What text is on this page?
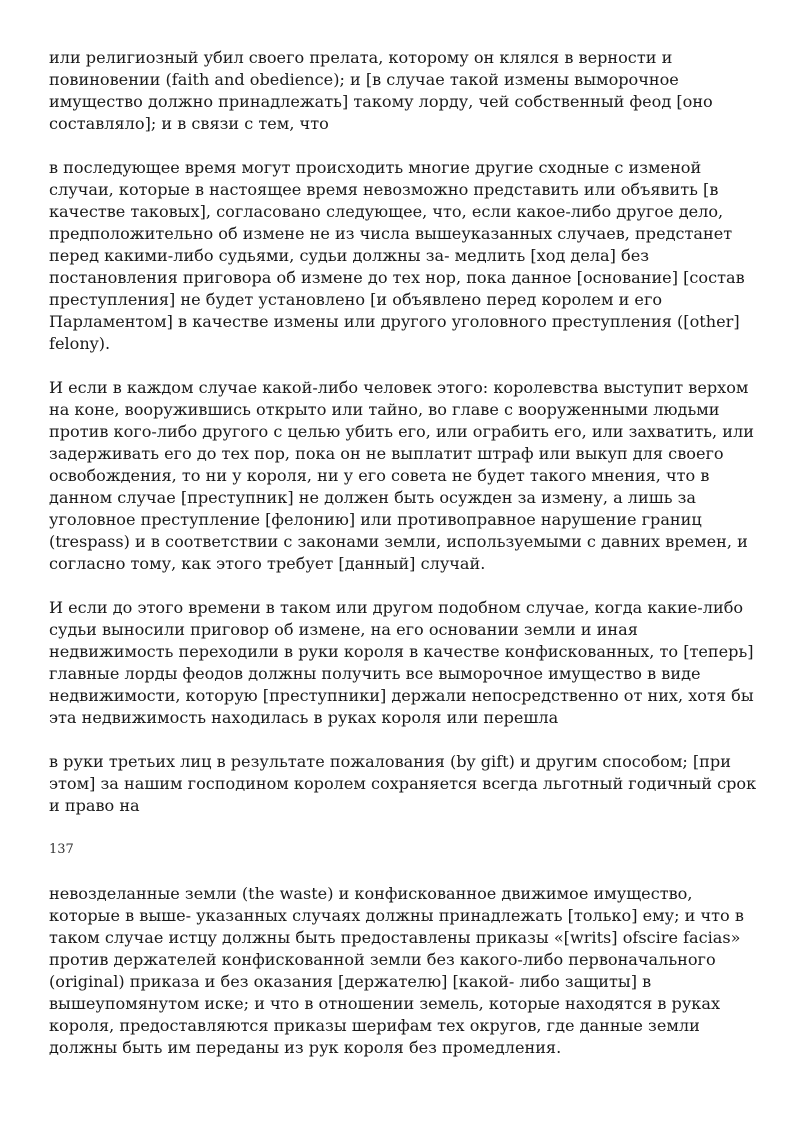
или религиозный убил своего прелата, которому он клялся в верности и повиновении (faith and obedience); и [в случае такой измены выморочное имущество должно принадлежать] такому лорду, чей собственный феод [оно составляло]; и в связи с тем, что

в последующее время могут происходить многие другие сходные с изменой случаи, которые в настоящее время невозможно представить или объявить [в качестве таковых], согласовано следующее, что, если какое-либо другое дело, предположительно об измене не из числа вышеуказанных случаев, предстанет перед какими-либо судьями, судьи должны за- медлить [ход дела] без постановления приговора об измене до тех нор, пока данное [основание] [состав преступления] не будет установлено [и объявлено перед королем и его Парламентом] в качестве измены или другого уголовного преступления ([other] felony).

И если в каждом случае какой-либо человек этого: королевства выступит верхом на коне, вооружившись открыто или тайно, во главе с вооруженными людьми против кого-либо другого с целью убить его, или ограбить его, или захватить, или задерживать его до тех пор, пока он не выплатит штраф или выкуп для своего освобождения, то ни у короля, ни у его совета не будет такого мнения, что в данном случае [преступник] не должен быть осужден за измену, а лишь за уголовное преступление [фелонию] или противоправное нарушение границ (trespass) и в соответствии с законами земли, используемыми с давних времен, и согласно тому, как этого требует [данный] случай.

И если до этого времени в таком или другом подобном случае, когда какие-либо судьи выносили приговор об измене, на его основании земли и иная недвижимость переходили в руки короля в качестве конфискованных, то [теперь] главные лорды феодов должны получить все выморочное имущество в виде недвижимости, которую [преступники] держали непосредственно от них, хотя бы эта недвижимость находилась в руках короля или перешла

в руки третьих лиц в результате пожалования (by gift) и другим способом; [при этом] за нашим господином королем сохраняется всегда льготный годичный срок и право на

137

невозделанные земли (the waste) и конфискованное движимое имущество, которые в выше- указанных случаях должны принадлежать [только] ему; и что в таком случае истцу должны быть предоставлены приказы «[writs] ofscire facias» против держателей конфискованной земли без какого-либо первоначального (original) приказа и без оказания [держателю] [какой- либо защиты] в вышеупомянутом иске; и что в отношении земель, которые находятся в руках короля, предоставляются приказы шерифам тех округов, где данные земли должны быть им переданы из рук короля без промедления.
